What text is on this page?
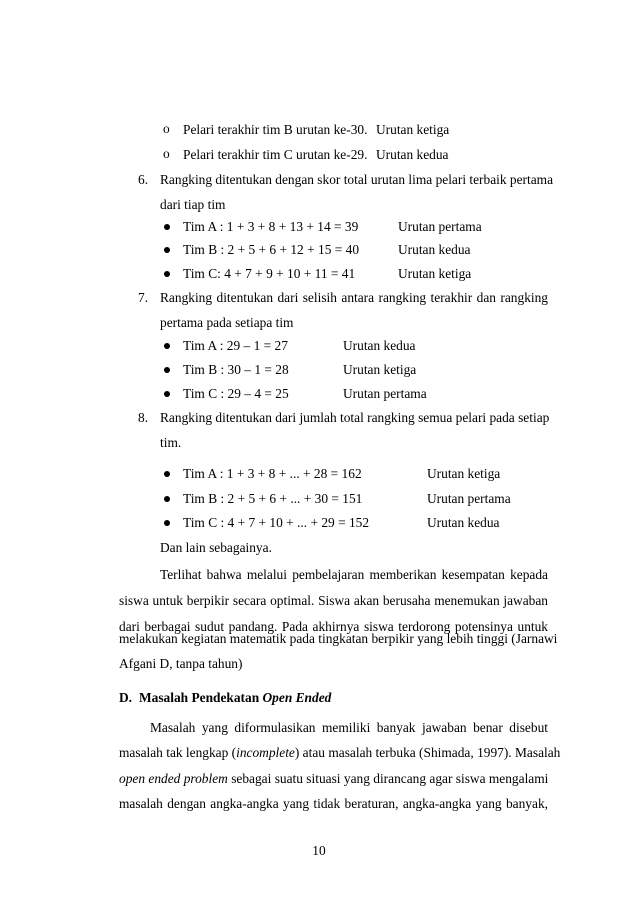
o Pelari terakhir tim B urutan ke-30. Urutan ketiga
o Pelari terakhir tim C urutan ke-29. Urutan kedua
6. Rangking ditentukan dengan skor total urutan lima pelari terbaik pertama
dari tiap tim
Tim A : 1 + 3 + 8 + 13 + 14 = 39	Urutan pertama
Tim B : 2 + 5 + 6 + 12 + 15 = 40	Urutan kedua
Tim C: 4 + 7 + 9 + 10 + 11 = 41	Urutan ketiga
7. Rangking ditentukan dari selisih antara rangking terakhir dan rangking
pertama pada setiapa tim
Tim A : 29 – 1 = 27	Urutan kedua
Tim B : 30 – 1 = 28	Urutan ketiga
Tim C : 29 – 4 = 25	Urutan pertama
8. Rangking ditentukan dari jumlah total rangking semua pelari pada setiap
tim.
Tim A : 1 + 3 + 8 + ... + 28 = 162	Urutan ketiga
Tim B : 2 + 5 + 6 + ... + 30 = 151	Urutan pertama
Tim C : 4 + 7 + 10 + ... + 29 = 152	Urutan kedua
Dan lain sebagainya.
Terlihat bahwa melalui pembelajaran memberikan kesempatan kepada
siswa untuk berpikir secara optimal. Siswa akan berusaha menemukan jawaban
dari berbagai sudut pandang. Pada akhirnya siswa terdorong potensinya untuk
melakukan kegiatan matematik pada tingkatan berpikir yang lebih tinggi (Jarnawi
Afgani D, tanpa tahun)
D. Masalah Pendekatan Open Ended
Masalah yang diformulasikan memiliki banyak jawaban benar disebut
masalah tak lengkap (incomplete) atau masalah terbuka (Shimada, 1997). Masalah
open ended problem sebagai suatu situasi yang dirancang agar siswa mengalami
masalah dengan angka-angka yang tidak beraturan, angka-angka yang banyak,
10
